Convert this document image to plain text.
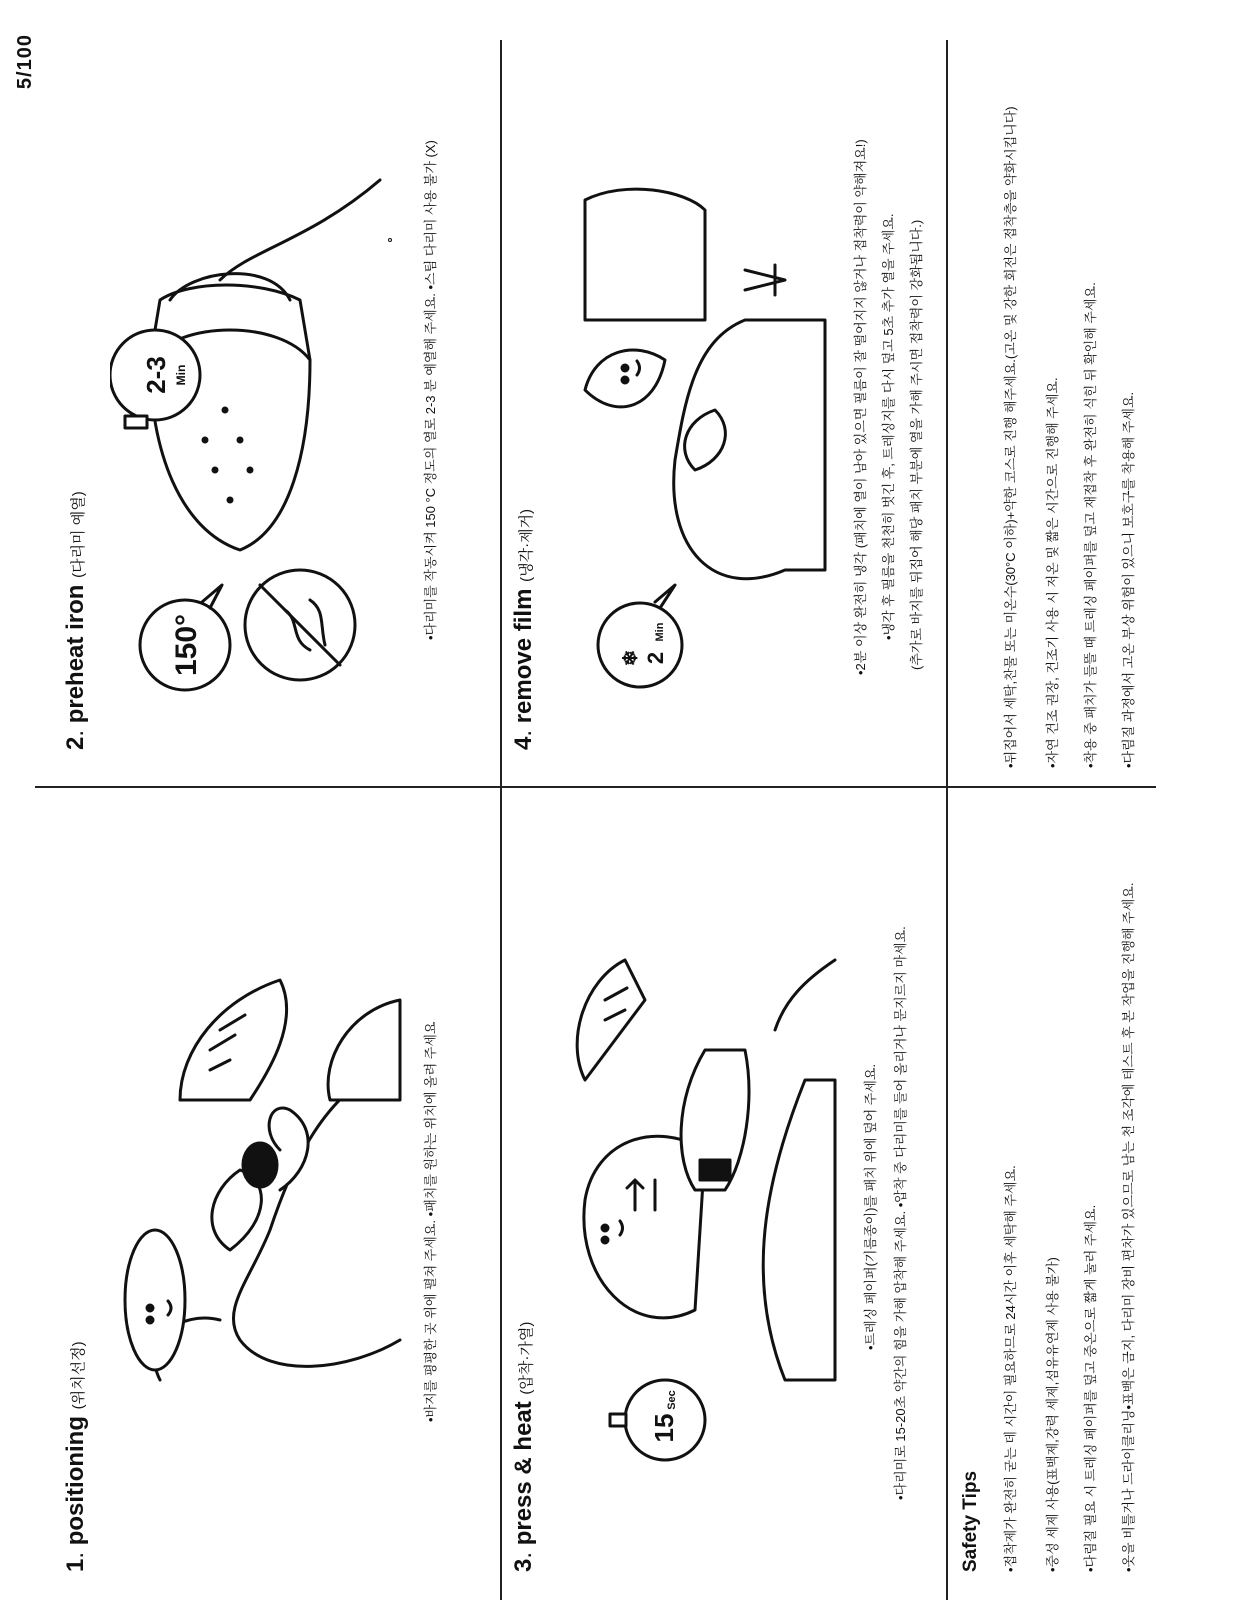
5/100
1. positioning (위치선정)	•바지를 평평한 곳 위에 펼쳐 주세요. •패치를 원하는 위치에 올려 주세요
2. preheat iron (다리미 예열)
150°
2-3 Min	•다리미를 작동시켜 150 °C 정도의 열로 2-3 분 예열해 주세요. •스팀 다리미 사용 불가 (X)
3. press & heat (압착·가열)
15
Sec
•트레싱 페이퍼(기름종이)를 패치 위에 덮어 주세요. •다리미로 15-20초 약간의 힘을 가해 압착해 주세요. •압착 중 다리미를 들어 올리거나 문지르지 마세요.
4. remove film (냉각·제거)
❄ 2
Min	•2분 이상 완전히 냉각 (패치에 열이 남아 있으면 필름이 잘 떨어지지 않거나 접착력이 약해져요!) •냉각 후 필름을 천천히 벗긴 후, 트레싱지를 다시 덮고 5초 추가 열을 주세요. (추가로 바지를 뒤집어 해당 패치 부분에 열을 가해 주시면 접착력이 강화됩니다.)
Safety Tips •접착제가 완전히 굳는 데 시간이 필요하므로 24시간 이후 세탁해 주세요. •중성 세제 사용(표백제,강력 세제,섬유유연제 사용 불가) •다림질 필요 시 트레싱 페이퍼를 덮고 중온으로 짧게 눌러 주세요. •옷을 비틀거나 드라이클리닝•표백은 금지, 다리미 장비 편차가 있으므로 남는 천 조각에 테스트 후 본 작업을 진행해 주세요.
•뒤집어서 세탁,찬물 또는 미온수(30°C 이하)+약한 코스로 진행 해주세요.(고온 및 강한 회전은 접착층을 약화시킵니다) •자연 건조 권장, 건조기 사용 시 저온 및 짧은 시간으로 진행해 주세요. •착용 중 패치가 들뜰 때 트레싱 페이퍼를 덮고 재접착 후 완전히 식힌 뒤 확인해 주세요. •다림질 과정에서 고온 부상 위험이 있으니 보호구를 착용해 주세요.
